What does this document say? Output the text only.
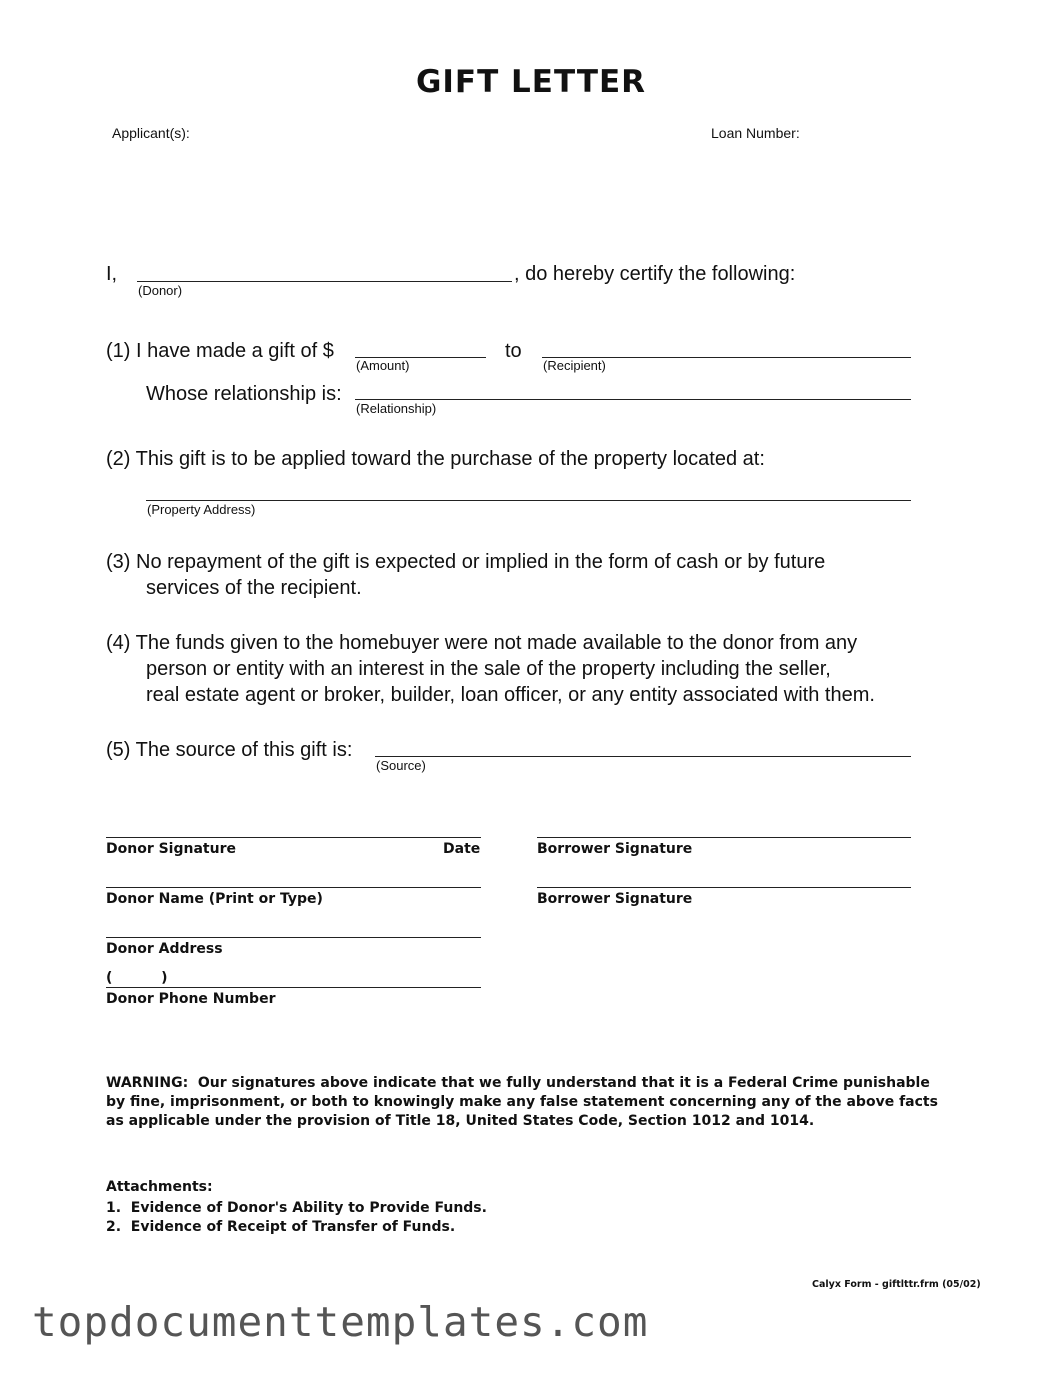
GIFT LETTER
Applicant(s):	Loan Number:
I,	, do hereby certify the following:
(Donor)
(1) I have made a gift of $
(Amount)
to
(Recipient)
Whose relationship is:
(Relationship)
(2) This gift is to be applied toward the purchase of the property located at:
(Property Address)
(3) No repayment of the gift is expected or implied in the form of cash or by future
services of the recipient.
(4) The funds given to the homebuyer were not made available to the donor from any
person or entity with an interest in the sale of the property including the seller,
real estate agent or broker, builder, loan officer, or any entity associated with them.
(5) The source of this gift is:
(Source)
Donor Signature	Date	Borrower Signature
Donor Name (Print or Type)	Borrower Signature
Donor Address
(          )
Donor Phone Number
WARNING:  Our signatures above indicate that we fully understand that it is a Federal Crime punishable
by fine, imprisonment, or both to knowingly make any false statement concerning any of the above facts
as applicable under the provision of Title 18, United States Code, Section 1012 and 1014.
Attachments:
1.  Evidence of Donor's Ability to Provide Funds.
2.  Evidence of Receipt of Transfer of Funds.
Calyx Form - giftlttr.frm (05/02)
topdocumenttemplates.com
